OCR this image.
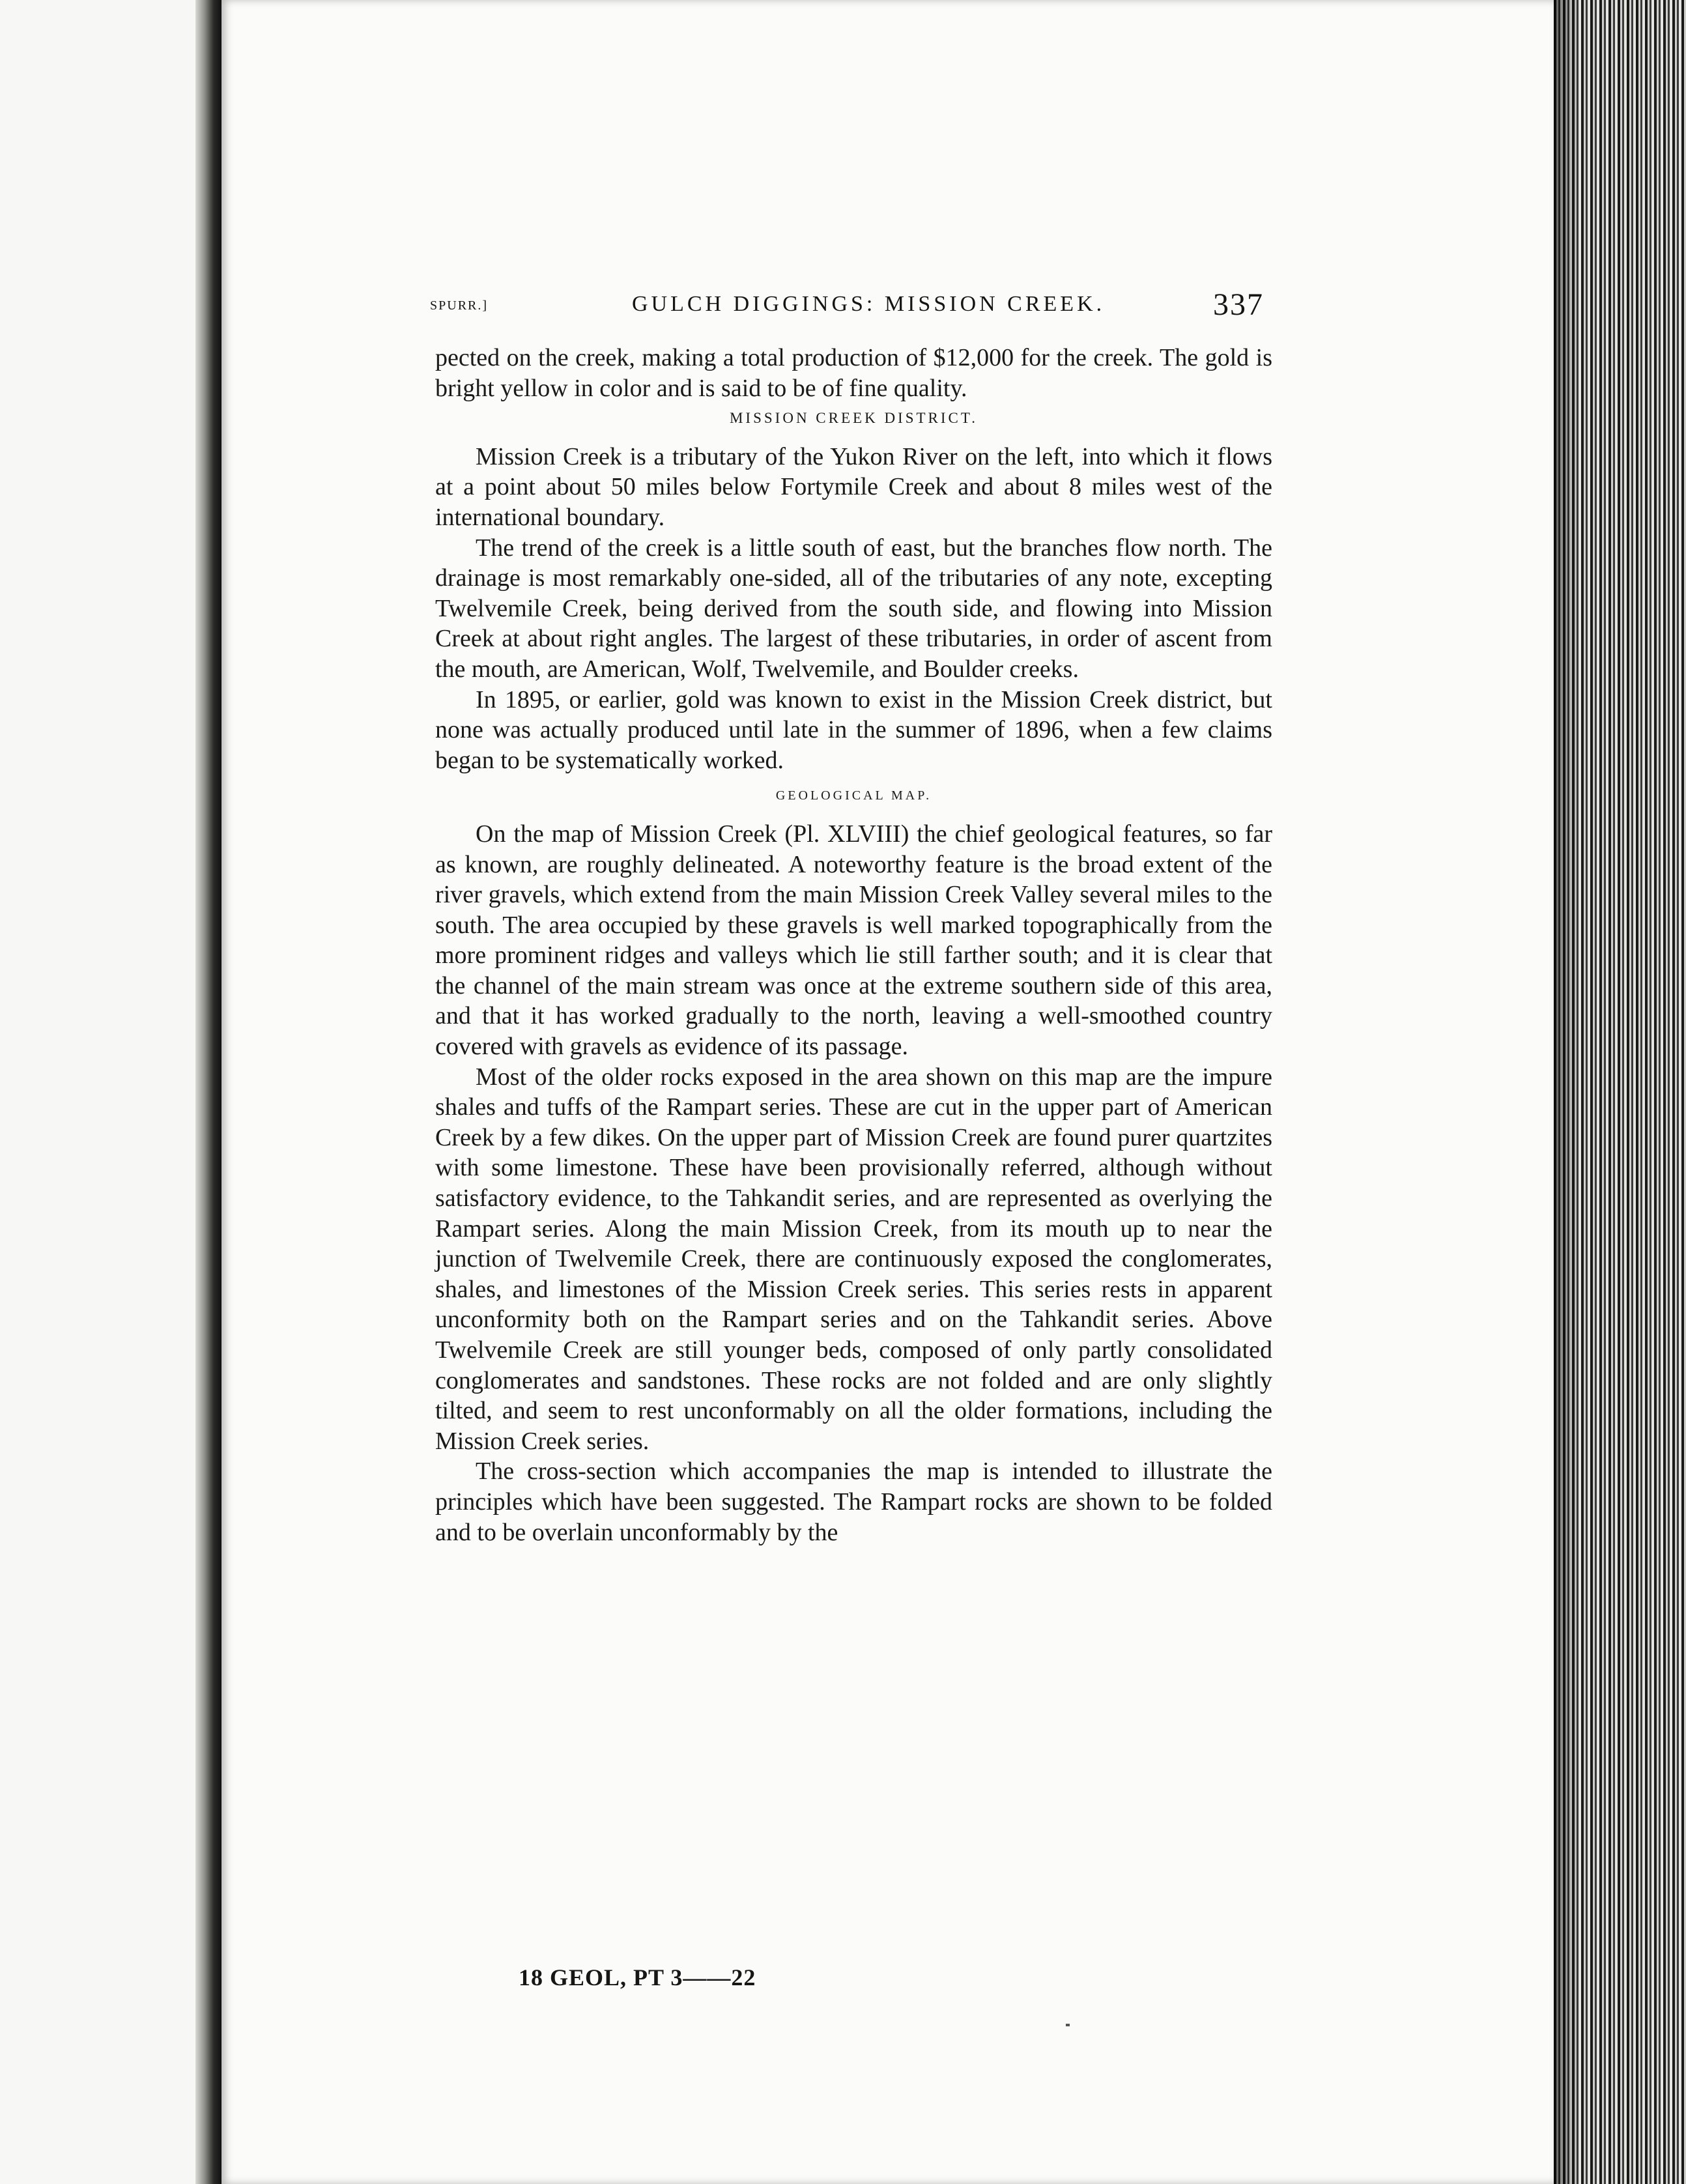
SPURR.]	GULCH DIGGINGS: MISSION CREEK.	337

pected on the creek, making a total production of $12,000 for the creek. The gold is bright yellow in color and is said to be of fine quality.

MISSION CREEK DISTRICT.

Mission Creek is a tributary of the Yukon River on the left, into which it flows at a point about 50 miles below Fortymile Creek and about 8 miles west of the international boundary.

The trend of the creek is a little south of east, but the branches flow north. The drainage is most remarkably one-sided, all of the tributaries of any note, excepting Twelvemile Creek, being derived from the south side, and flowing into Mission Creek at about right angles. The largest of these tributaries, in order of ascent from the mouth, are American, Wolf, Twelvemile, and Boulder creeks.

In 1895, or earlier, gold was known to exist in the Mission Creek district, but none was actually produced until late in the summer of 1896, when a few claims began to be systematically worked.

GEOLOGICAL MAP.

On the map of Mission Creek (Pl. XLVIII) the chief geological features, so far as known, are roughly delineated. A noteworthy feature is the broad extent of the river gravels, which extend from the main Mission Creek Valley several miles to the south. The area occupied by these gravels is well marked topographically from the more prominent ridges and valleys which lie still farther south; and it is clear that the channel of the main stream was once at the extreme southern side of this area, and that it has worked gradually to the north, leaving a well-smoothed country covered with gravels as evidence of its passage.

Most of the older rocks exposed in the area shown on this map are the impure shales and tuffs of the Rampart series. These are cut in the upper part of American Creek by a few dikes. On the upper part of Mission Creek are found purer quartzites with some limestone. These have been provisionally referred, although without satisfactory evidence, to the Tahkandit series, and are represented as overlying the Rampart series. Along the main Mission Creek, from its mouth up to near the junction of Twelvemile Creek, there are continuously exposed the conglomerates, shales, and limestones of the Mission Creek series. This series rests in apparent unconformity both on the Rampart series and on the Tahkandit series. Above Twelvemile Creek are still younger beds, composed of only partly consolidated conglomerates and sandstones. These rocks are not folded and are only slightly tilted, and seem to rest unconformably on all the older formations, including the Mission Creek series.

The cross-section which accompanies the map is intended to illustrate the principles which have been suggested. The Rampart rocks are shown to be folded and to be overlain unconformably by the

18 GEOL, PT 3——22
